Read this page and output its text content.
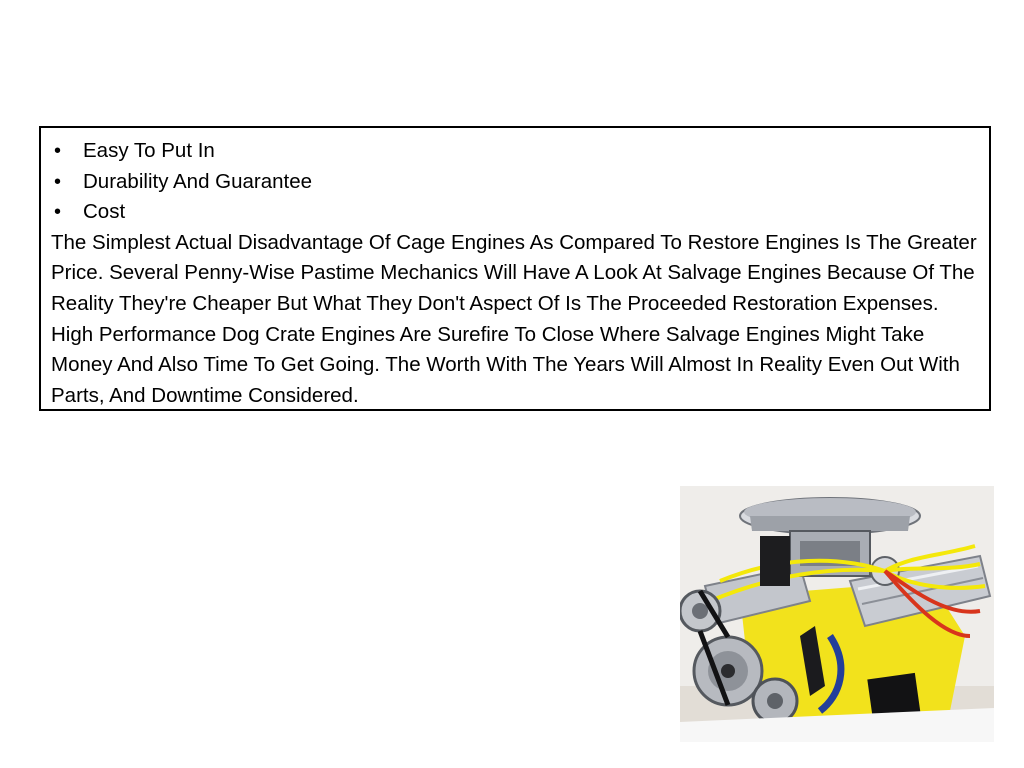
• Easy To Put In
• Durability And Guarantee
• Cost

The Simplest Actual Disadvantage Of Cage Engines As Compared To Restore Engines Is The Greater Price. Several Penny-Wise Pastime Mechanics Will Have A Look At Salvage Engines Because Of The Reality They're Cheaper But What They Don't Aspect Of Is The Proceeded Restoration Expenses. High Performance Dog Crate Engines Are Surefire To Close Where Salvage Engines Might Take Money And Also Time To Get Going. The Worth With The Years Will Almost In Reality Even Out With Parts, And Downtime Considered.
